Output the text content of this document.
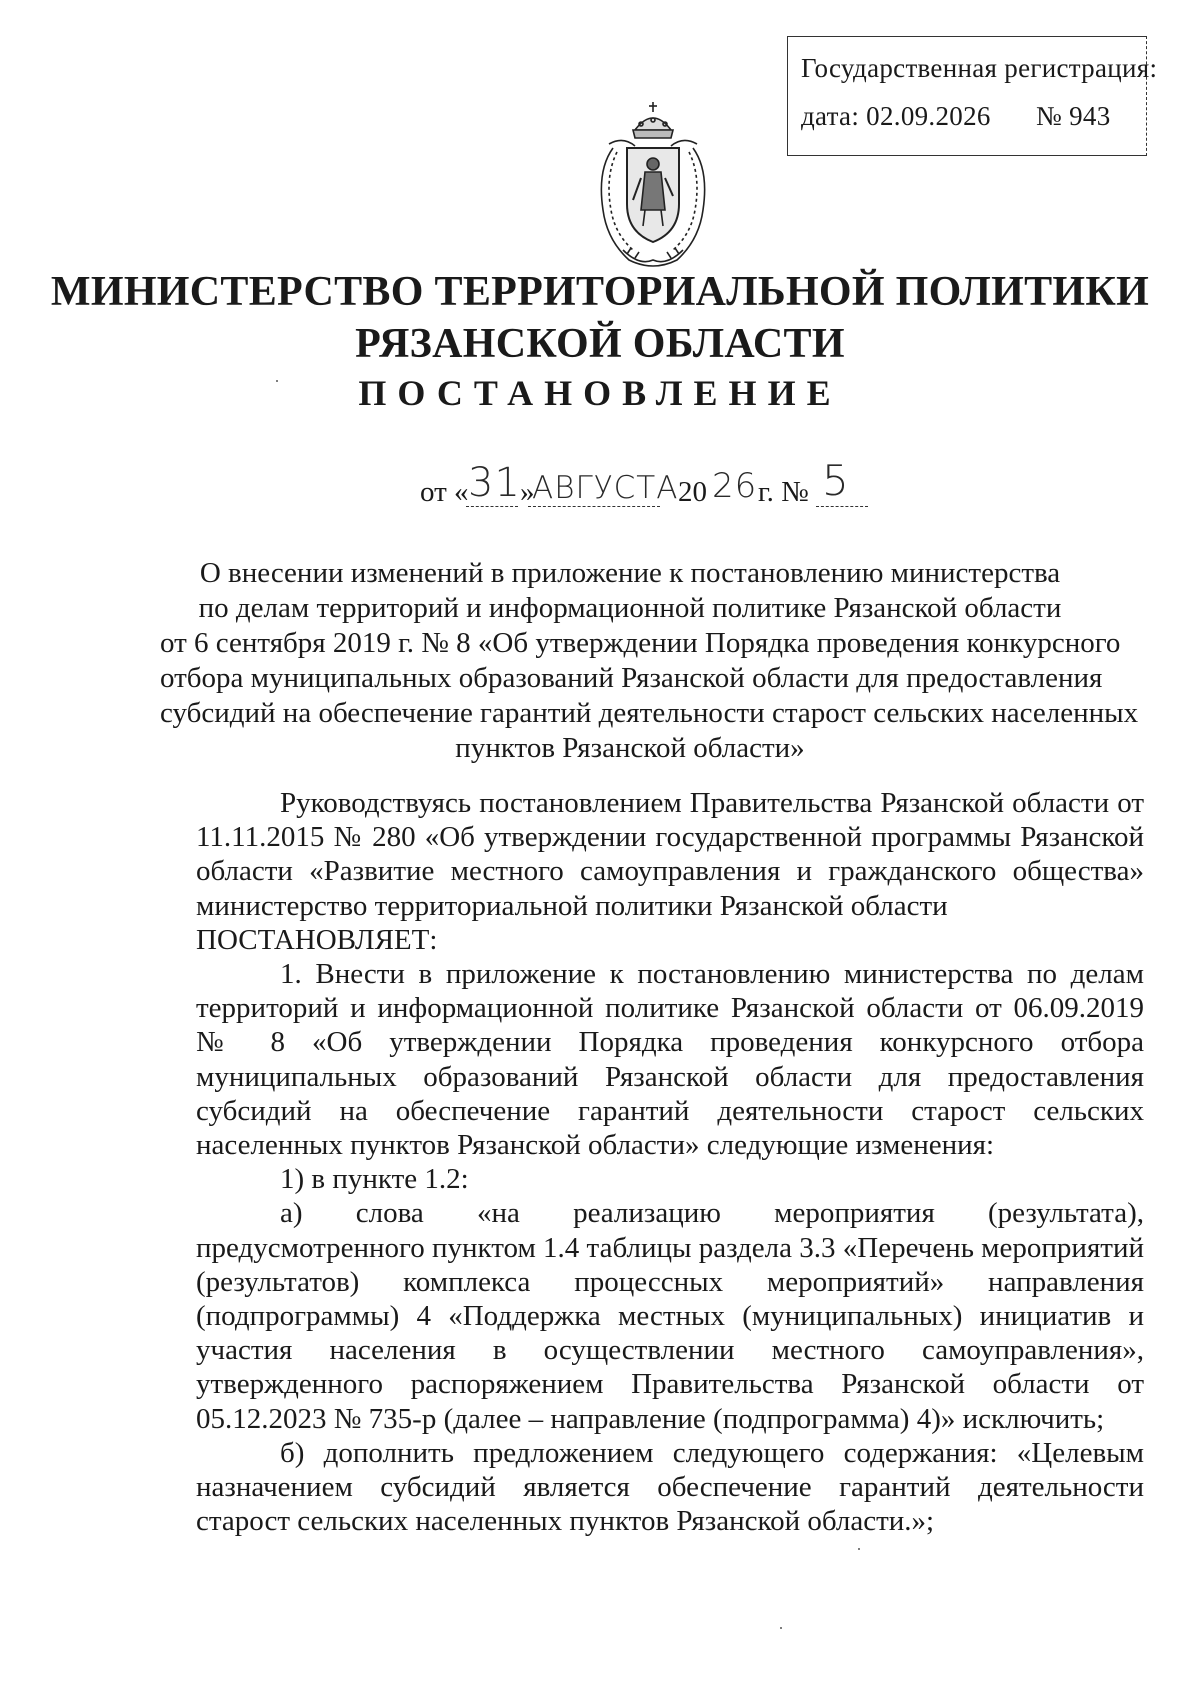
Государственная регистрация:
дата: 02.09.2026 № 943
МИНИСТЕРСТВО ТЕРРИТОРИАЛЬНОЙ ПОЛИТИКИ
РЯЗАНСКОЙ ОБЛАСТИ
ПОСТАНОВЛЕНИЕ
от « 31 »
АВГУСТА 20 26 г. № 5
О внесении изменений в приложение к постановлению министерства
по делам территорий и информационной политике Рязанской области
от 6 сентября 2019 г. № 8 «Об утверждении Порядка проведения конкурсного
отбора муниципальных образований Рязанской области для предоставления
субсидий на обеспечение гарантий деятельности старост сельских населенных
пунктов Рязанской области»

Руководствуясь постановлением Правительства Рязанской области от 11.11.2015 № 280 «Об утверждении государственной программы Рязанской области «Развитие местного самоуправления и гражданского общества» министерство территориальной политики Рязанской области

ПОСТАНОВЛЯЕТ:

1. Внести в приложение к постановлению министерства по делам территорий и информационной политике Рязанской области от 06.09.2019 № 8 «Об утверждении Порядка проведения конкурсного отбора муниципальных образований Рязанской области для предоставления субсидий на обеспечение гарантий деятельности старост сельских населенных пунктов Рязанской области» следующие изменения:

1) в пункте 1.2:

а) слова «на реализацию мероприятия (результата), предусмотренного пунктом 1.4 таблицы раздела 3.3 «Перечень мероприятий (результатов) комплекса процессных мероприятий» направления (подпрограммы) 4 «Поддержка местных (муниципальных) инициатив и участия населения в осуществлении местного самоуправления», утвержденного распоряжением Правительства Рязанской области от 05.12.2023 № 735-р (далее – направление (подпрограмма) 4)» исключить;

б) дополнить предложением следующего содержания: «Целевым назначением субсидий является обеспечение гарантий деятельности старост сельских населенных пунктов Рязанской области.»;
